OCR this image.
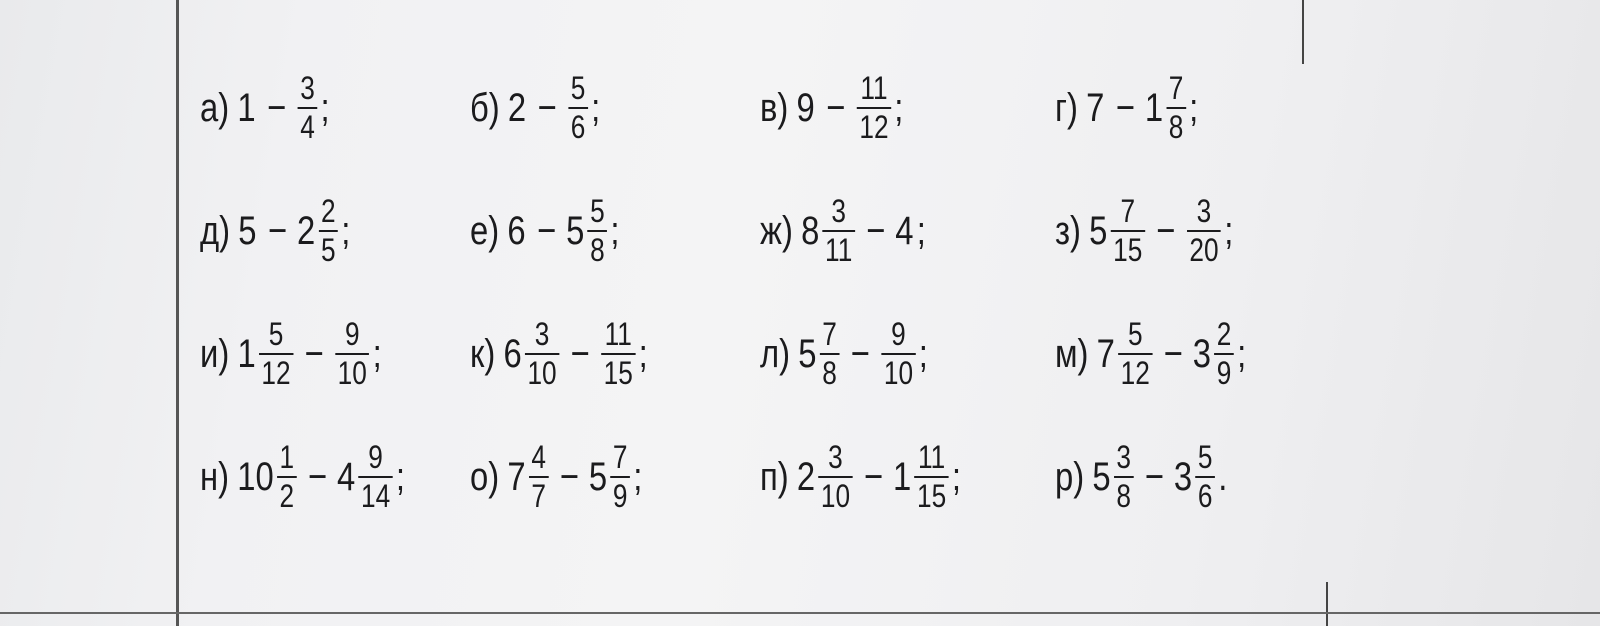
а) $1 - \frac{3}{4}$ ;
д) $5 - 2 \frac{2}{5}$ ;
и) $1 \frac{5}{12} - \frac{9}{10}$ ;
н) $10 \frac{1}{2} - 4 \frac{9}{14}$ ;
б) $2 - \frac{5}{6}$ ;
е) $6 - 5 \frac{5}{8}$ ;
к) $6 \frac{3}{10} - \frac{11}{15}$ ;
о) $7 \frac{4}{7} - 5 \frac{7}{9}$ ;
в) $9 - \frac{11}{12}$ ;
ж) $8 \frac{3}{11} - 4$ ;
л) $5 \frac{7}{8} - \frac{9}{10}$ ;
п) $2 \frac{3}{10} - 1 \frac{11}{15}$ ;
г) $7 - 1 \frac{7}{8}$ ;
з) $5 \frac{7}{15} - \frac{3}{20}$ ;
м) $7 \frac{5}{12} - 3 \frac{2}{9}$ ;
р) $5 \frac{3}{8} - 3 \frac{5}{6}$ .
